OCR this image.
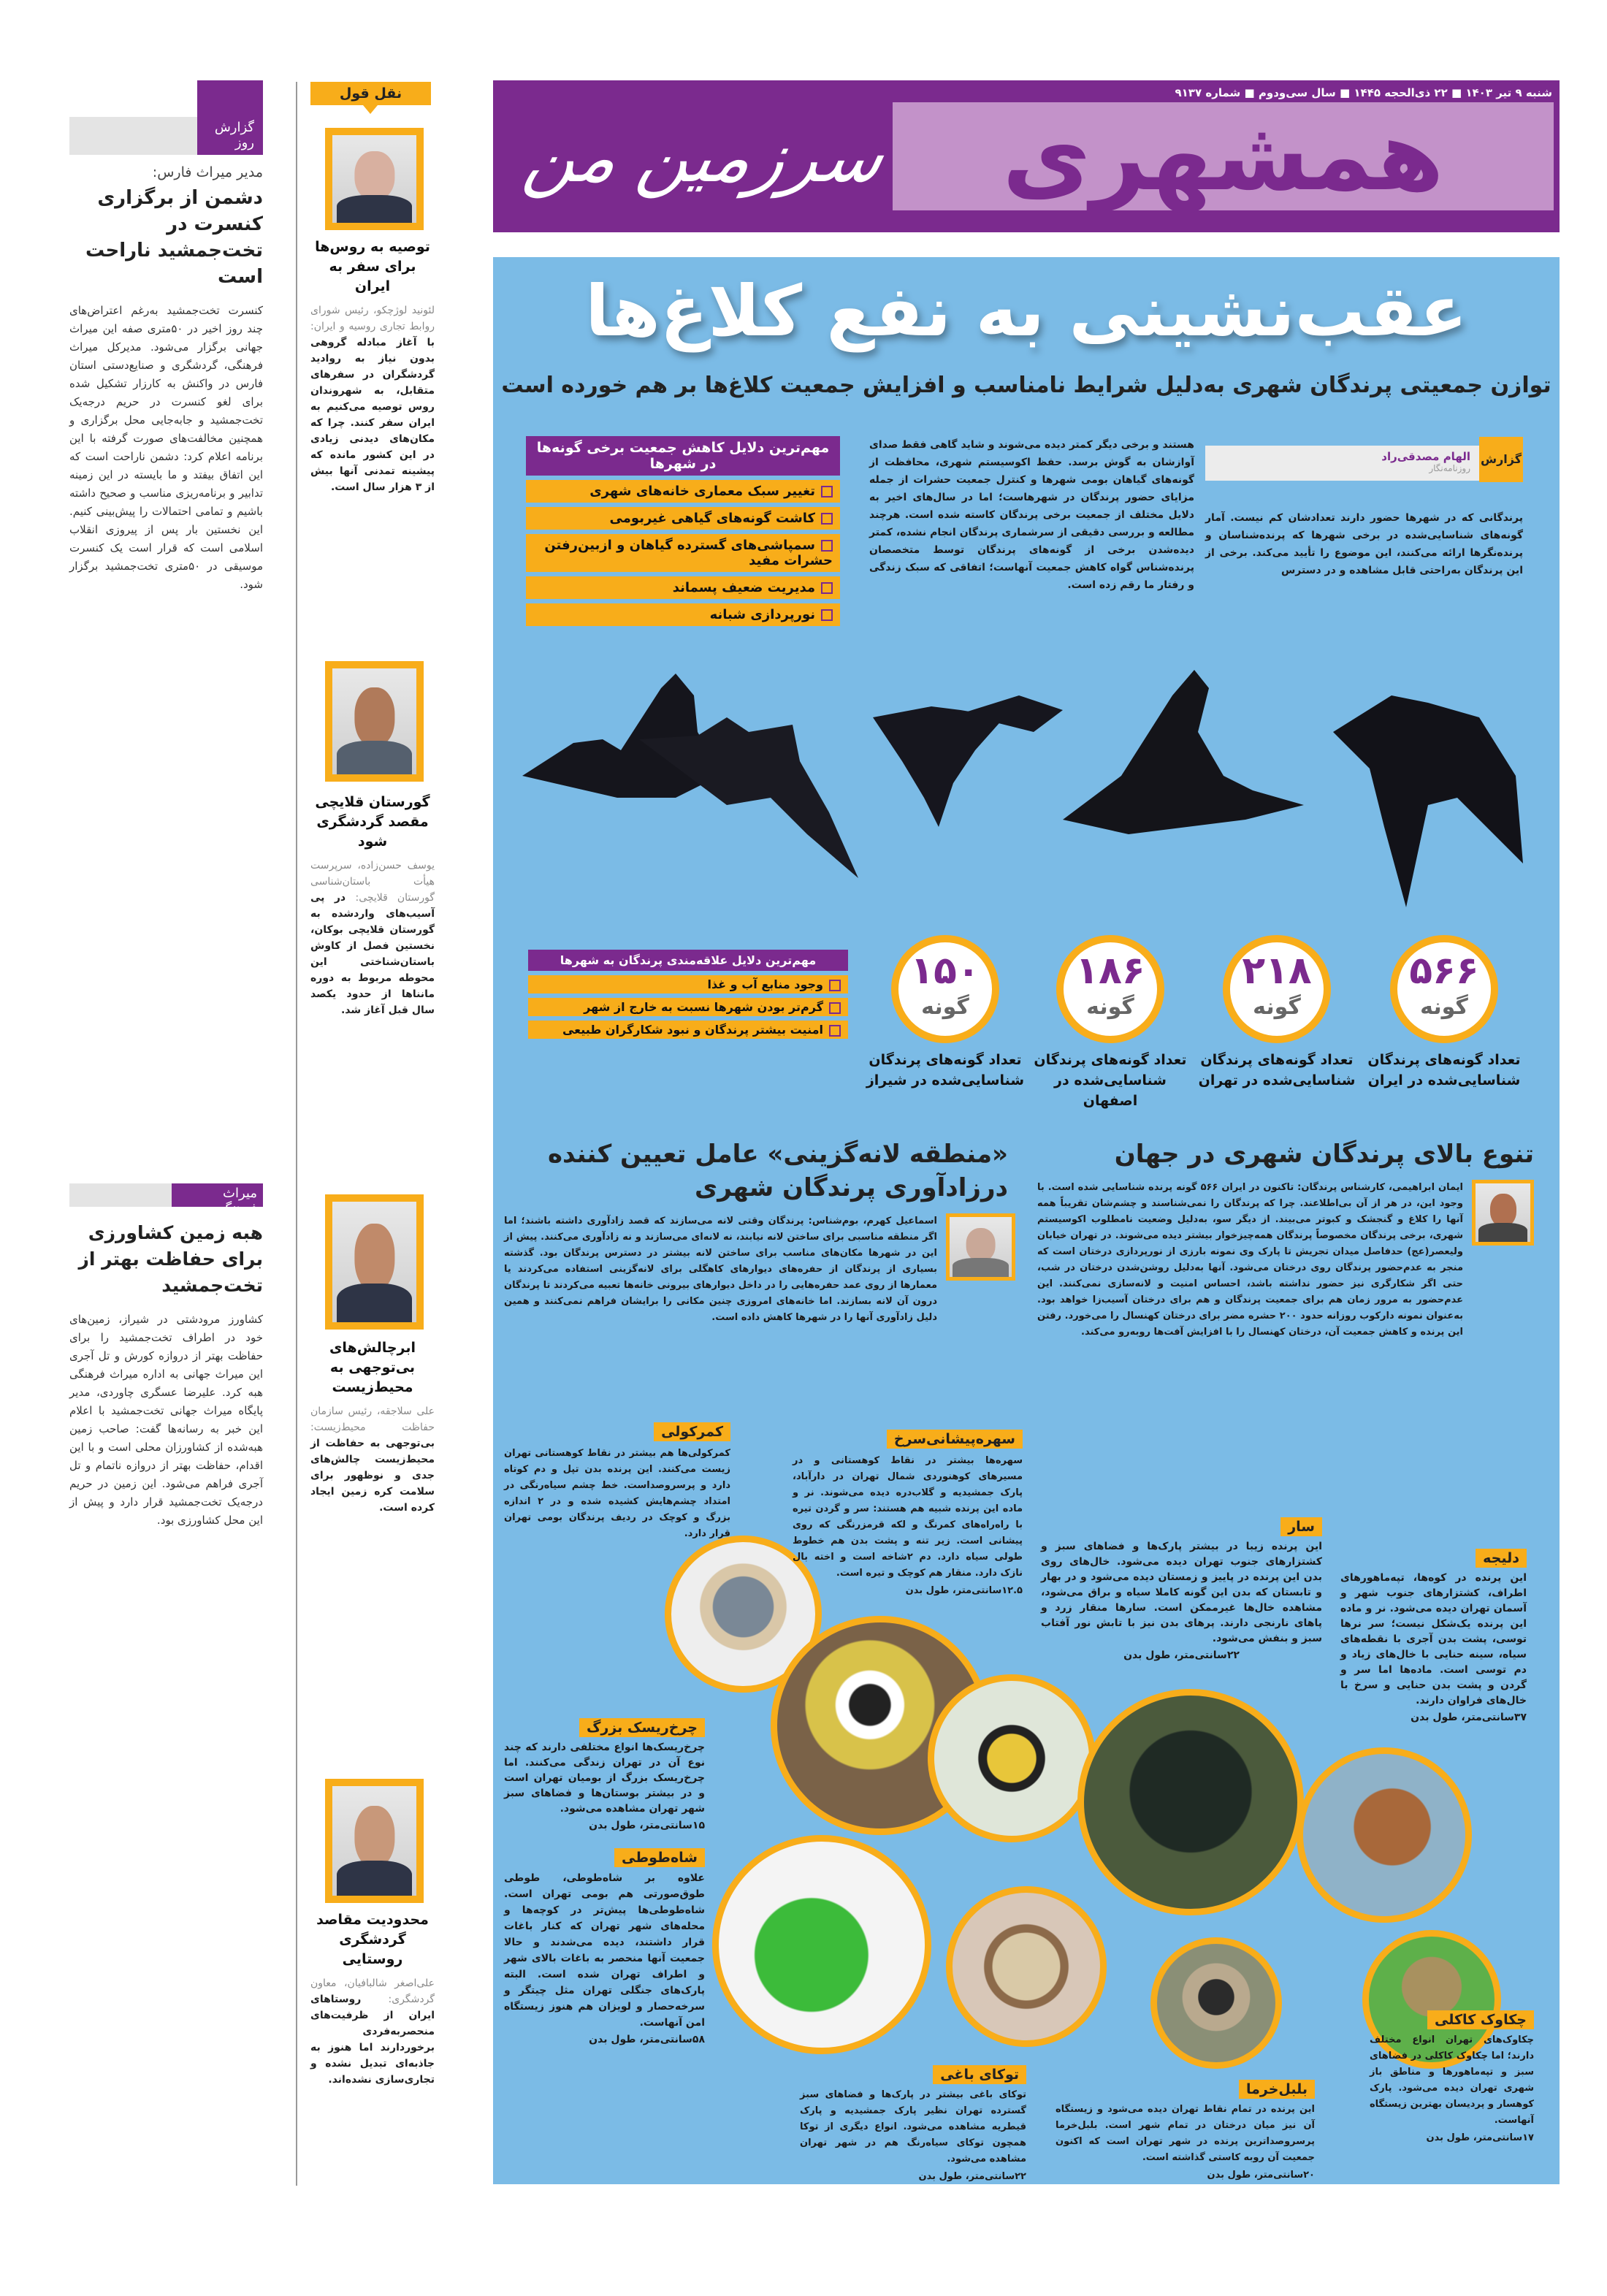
گزارش روز
مدیر میراث فارس:
دشمن از برگزاری کنسرت در تخت‌جمشید ناراحت است
کنسرت تخت‌جمشید به‌رغم اعتراض‌های چند روز اخیر در ۵۰متری صفه این میراث جهانی برگزار می‌شود. مدیرکل میراث فرهنگی، گردشگری و صنایع‌دستی استان فارس در واکنش به کارزار تشکیل شده برای لغو کنسرت در حریم درجه‌یک تخت‌جمشید و جابه‌جایی محل برگزاری و همچنین مخالفت‌های صورت گرفته با این برنامه اعلام کرد: دشمن ناراحت است که این اتفاق بیفتد و ما بایسته در این زمینه تدابیر و برنامه‌ریزی مناسب و صحیح داشته باشیم و تمامی احتمالات را پیش‌بینی کنیم. این نخستین بار پس از پیروزی انقلاب اسلامی است که قرار است یک کنسرت موسیقی در ۵۰متری تخت‌جمشید برگزار شود.
میراث فرهنگی
هبه زمین کشاورزی برای حفاظت بهتر از تخت‌جمشید
کشاورز مرودشتی در شیراز، زمین‌های خود در اطراف تخت‌جمشید را برای حفاظت بهتر از دروازه کورش و تل آجری این میراث جهانی به اداره میراث فرهنگی هبه کرد. علیرضا عسگری چاوردی، مدیر پایگاه میراث جهانی تخت‌جمشید با اعلام این خبر به رسانه‌ها گفت: صاحب زمین هبه‌شده از کشاورزان محلی است و با این اقدام، حفاظت بهتر از دروازه ناتمام و تل آجری فراهم می‌شود. این زمین در حریم درجه‌یک تخت‌جمشید قرار دارد و پیش از این محل کشاورزی بود.
نقل قول
توصیه به روس‌ها برای سفر به ایران
لئونید لوژچکو، رئیس شورای روابط تجاری روسیه و ایران: با آغاز مبادله گروهی بدون نیاز به روادید گردشگران در سفرهای متقابل، به شهروندان روس توصیه می‌کنیم به ایران سفر کنند. چرا که مکان‌های دیدنی زیادی در این کشور مانده که پیشینه تمدنی آنها بیش از ۳ هزار سال است.
گورستان قلایچی مقصد گردشگری شود
یوسف حسن‌زاده، سرپرست هیأت باستان‌شناسی گورستان قلایچی: در پی آسیب‌های واردشده به گورستان قلایچی بوکان، نخستین فصل از کاوش باستان‌شناختی این محوطه مربوط به دوره مانناها از حدود یکصد سال قبل آغاز شد.
ابرچالش‌های بی‌توجهی به محیط‌زیست
علی سلاجقه، رئیس سازمان حفاظت محیط‌زیست: بی‌توجهی به حفاظت از محیط‌زیست چالش‌های جدی و نوظهور برای سلامت کره زمین ایجاد کرده است.
محدودیت مقاصد گردشگری روستایی
علی‌اصغر شالبافیان، معاون گردشگری: روستاهای ایران از ظرفیت‌های منحصربه‌فردی برخوردارند اما هنوز به جاذبه‌ای تبدیل نشده و تجاری‌سازی نشده‌اند.
شنبه ۹ تیر ۱۴۰۳ ■ ۲۲ ذی‌الحجه ۱۴۴۵ ■ سال سی‌ودوم ■ شماره ۹۱۳۷
همشهری
سرزمین من
عقب‌نشینی به نفع کلاغ‌ها
توازن جمعیتی پرندگان شهری به‌دلیل شرایط نامناسب و افزایش جمعیت کلاغ‌ها بر هم خورده است
الهام مصدقی‌راد
روزنامه‌نگار
گزارش
پرندگانی که در شهرها حضور دارند تعدادشان کم نیست. آمار گونه‌های شناسایی‌شده در برخی شهرها که پرنده‌شناسان و پرنده‌نگرها ارائه می‌کنند، این موضوع را تأیید می‌کند. برخی از این پرندگان به‌راحتی قابل مشاهده و در دسترس
هستند و برخی دیگر کمتر دیده می‌شوند و شاید گاهی فقط صدای آوازشان به گوش برسد. حفظ اکوسیستم شهری، محافظت از گونه‌های گیاهان بومی شهرها و کنترل جمعیت حشرات از جمله مزایای حضور پرندگان در شهرهاست؛ اما در سال‌های اخیر به دلایل مختلف از جمعیت برخی پرندگان کاسته شده است. هرچند مطالعه و بررسی دقیقی از سرشماری پرندگان انجام نشده، کمتر دیده‌شدن برخی از گونه‌های پرندگان توسط متخصصان پرنده‌شناس گواه کاهش جمعیت آنهاست؛ اتفاقی که سبک زندگی و رفتار ما رقم زده است.
مهم‌ترین دلایل کاهش جمعیت برخی گونه‌ها در شهرها
تغییر سبک معماری خانه‌های شهری
کاشت گونه‌های گیاهی غیربومی
سمپاشی‌های گسترده گیاهان و ازبین‌رفتن حشرات مفید
مدیریت ضعیف پسماند
نورپردازی شبانه
۵۶۶
گونه
۲۱۸
گونه
۱۸۶
گونه
۱۵۰
گونه
تعداد گونه‌های پرندگان
شناسایی‌شده در ایران
تعداد گونه‌های پرندگان
شناسایی‌شده در تهران
تعداد گونه‌های پرندگان
شناسایی‌شده در اصفهان
تعداد گونه‌های پرندگان
شناسایی‌شده در شیراز
مهم‌ترین دلایل علاقه‌مندی پرندگان به شهرها
وجود منابع آب و غذا
گرم‌تر بودن شهرها نسبت به خارج از شهر
امنیت بیشتر پرندگان و نبود شکارگران طبیعی
تنوع بالای پرندگان شهری در جهان
ایمان ابراهیمی، کارشناس پرندگان: تاکنون در ایران ۵۶۶ گونه پرنده شناسایی شده است. با وجود این، در هر از آن بی‌اطلاعند. چرا که پرندگان را نمی‌شناسند و چشم‌شان تقریباً همه آنها را کلاغ و گنجشک و کبوتر می‌بیند. از دیگر سو، به‌دلیل وضعیت نامطلوب اکوسیستم شهری، برخی پرندگان مخصوصاً پرندگان همه‌چیزخوار بیشتر دیده می‌شوند. در تهران خیابان ولیعصر(عج) حدفاصل میدان تجریش تا پارک وی نمونه بارزی از نورپردازی درختان است که منجر به عدم‌حضور پرندگان روی درختان می‌شود. آنها به‌دلیل روشن‌شدن درختان در شب، حتی اگر شکارگری نیز حضور نداشته باشد، احساس امنیت و لانه‌سازی نمی‌کنند. این عدم‌حضور به مرور زمان هم برای جمعیت پرندگان و هم برای درختان آسیب‌زا خواهد بود. به‌عنوان نمونه دارکوب روزانه حدود ۲۰۰ حشره مضر برای درختان کهنسال را می‌خورد. رفتن این پرنده و کاهش جمعیت آن، درختان کهنسال را با افزایش آفت‌ها روبه‌رو می‌کند.
«منطقه لانه‌گزینی» عامل تعیین کننده
درزادآوری پرندگان شهری
اسماعیل کهرم، بوم‌شناس: پرندگان وقتی لانه می‌سازند که قصد زادآوری داشته باشند؛ اما اگر منطقه مناسبی برای ساختن لانه نیابند، نه لانه‌ای می‌سازند و نه زادآوری می‌کنند. پیش از این در شهرها مکان‌های مناسب برای ساختن لانه بیشتر در دسترس پرندگان بود. گذشته بسیاری از پرندگان از حفره‌های دیوارهای کاهگلی برای لانه‌گزینی استفاده می‌کردند یا معمارها از روی عمد حفره‌هایی را در داخل دیوارهای بیرونی خانه‌ها تعبیه می‌کردند تا پرندگان درون آن لانه بسازند. اما خانه‌های امروزی چنین مکانی را برایشان فراهم نمی‌کنند و همین دلیل زادآوری آنها را در شهرها کاهش داده است.
کمرکولی
کمرکولی‌ها هم بیشتر در نقاط کوهستانی تهران زیست می‌کنند. این پرنده بدن تپل و دم کوتاه دارد و پرسروصداست. خط چشم سیاه‌رنگی در امتداد چشم‌هایش کشیده شده و در ۲ اندازه بزرگ و کوچک در ردیف پرندگان بومی تهران قرار دارد.
سهره‌پیشانی‌سرخ
سهره‌ها بیشتر در نقاط کوهستانی و در مسیرهای کوهنوردی شمال تهران در دارآباد، پارک جمشیدیه و گلاب‌دره دیده می‌شوند. نر و ماده این پرنده شبیه هم هستند: سر و گردن تیره با راه‌راه‌های کمرنگ و لکه قرمزرنگی که روی پیشانی است. زیر تنه و پشت بدن هم خطوط طولی سیاه دارد. دم ۲شاخه است و اخته بال نازک دارد. منقار هم کوچک و تیره است.
۱۲.۵سانتی‌متر، طول بدن
سار
این پرنده زیبا در بیشتر پارک‌ها و فضاهای سبز و کشتزارهای جنوب تهران دیده می‌شود. خال‌های روی بدن این پرنده در پاییز و زمستان دیده می‌شود و در بهار و تابستان که بدن این گونه کاملا سیاه و براق می‌شود، مشاهده خال‌ها غیرممکن است. سارها منقار زرد و پاهای نارنجی دارند. پرهای بدن نیز با تابش نور آفتاب سبز و بنفش می‌شود.
۲۲سانتی‌متر، طول بدن
دلیجه
این پرنده در کوه‌ها، تپه‌ماهورهای اطراف، کشتزارهای جنوب شهر و آسمان تهران دیده می‌شود. نر و ماده این پرنده یک‌شکل نیست؛ سر نرها توسی، پشت بدن آجری با نقطه‌های سیاه، سینه حنایی با خال‌های زیاد و دم توسی است. ماده‌ها اما سر و گردن و پشت بدن حنایی و سرخ با خال‌های فراوان دارند.
۳۷سانتی‌متر، طول بدن
چرخ‌ریسک بزرگ
چرخ‌ریسک‌ها انواع مختلفی دارند که چند نوع آن در تهران زندگی می‌کنند. اما چرخ‌ریسک بزرگ از بومیان تهران است و در بیشتر بوستان‌ها و فضاهای سبز شهر تهران مشاهده می‌شود.
۱۵سانتی‌متر، طول بدن
شاه‌طوطی
علاوه بر شاه‌طوطی، طوطی طوق‌صورتی هم بومی تهران است. شاه‌طوطی‌ها پیش‌تر در کوچه‌ها و محله‌های شهر تهران که کنار باغات قرار داشتند، دیده می‌شدند و حالا جمعیت آنها منحصر به باغات بالای شهر و اطراف تهران شده است. البته پارک‌های جنگلی تهران مثل چیتگر و سرخه‌حصار و لویزان هم هنوز زیستگاه امن آنهاست.
۵۸سانتی‌متر، طول بدن
توکای باغی
توکای باغی بیشتر در پارک‌ها و فضاهای سبز گسترده تهران نظیر پارک جمشیدیه و پارک قیطریه مشاهده می‌شود. انواع دیگری از توکا همچون توکای سیاه‌رنگ هم در شهر تهران مشاهده می‌شود.
۲۲سانتی‌متر، طول بدن
بلبل‌خرما
این پرنده در تمام نقاط تهران دیده می‌شود و زیستگاه آن نیز میان درختان در تمام شهر است. بلبل‌خرما پرسروصداترین پرنده در شهر تهران است که اکنون جمعیت آن روبه کاستی گذاشته است.
۲۰سانتی‌متر، طول بدن
چکاوک کاکلی
چکاوک‌های تهران انواع مختلف دارند؛ اما چکاوک کاکلی در فضاهای سبز و تپه‌ماهورها و مناطق باز شهری تهران دیده می‌شود. پارک کوهسار و پردیسان بهترین زیستگاه آنهاست.
۱۷سانتی‌متر، طول بدن
